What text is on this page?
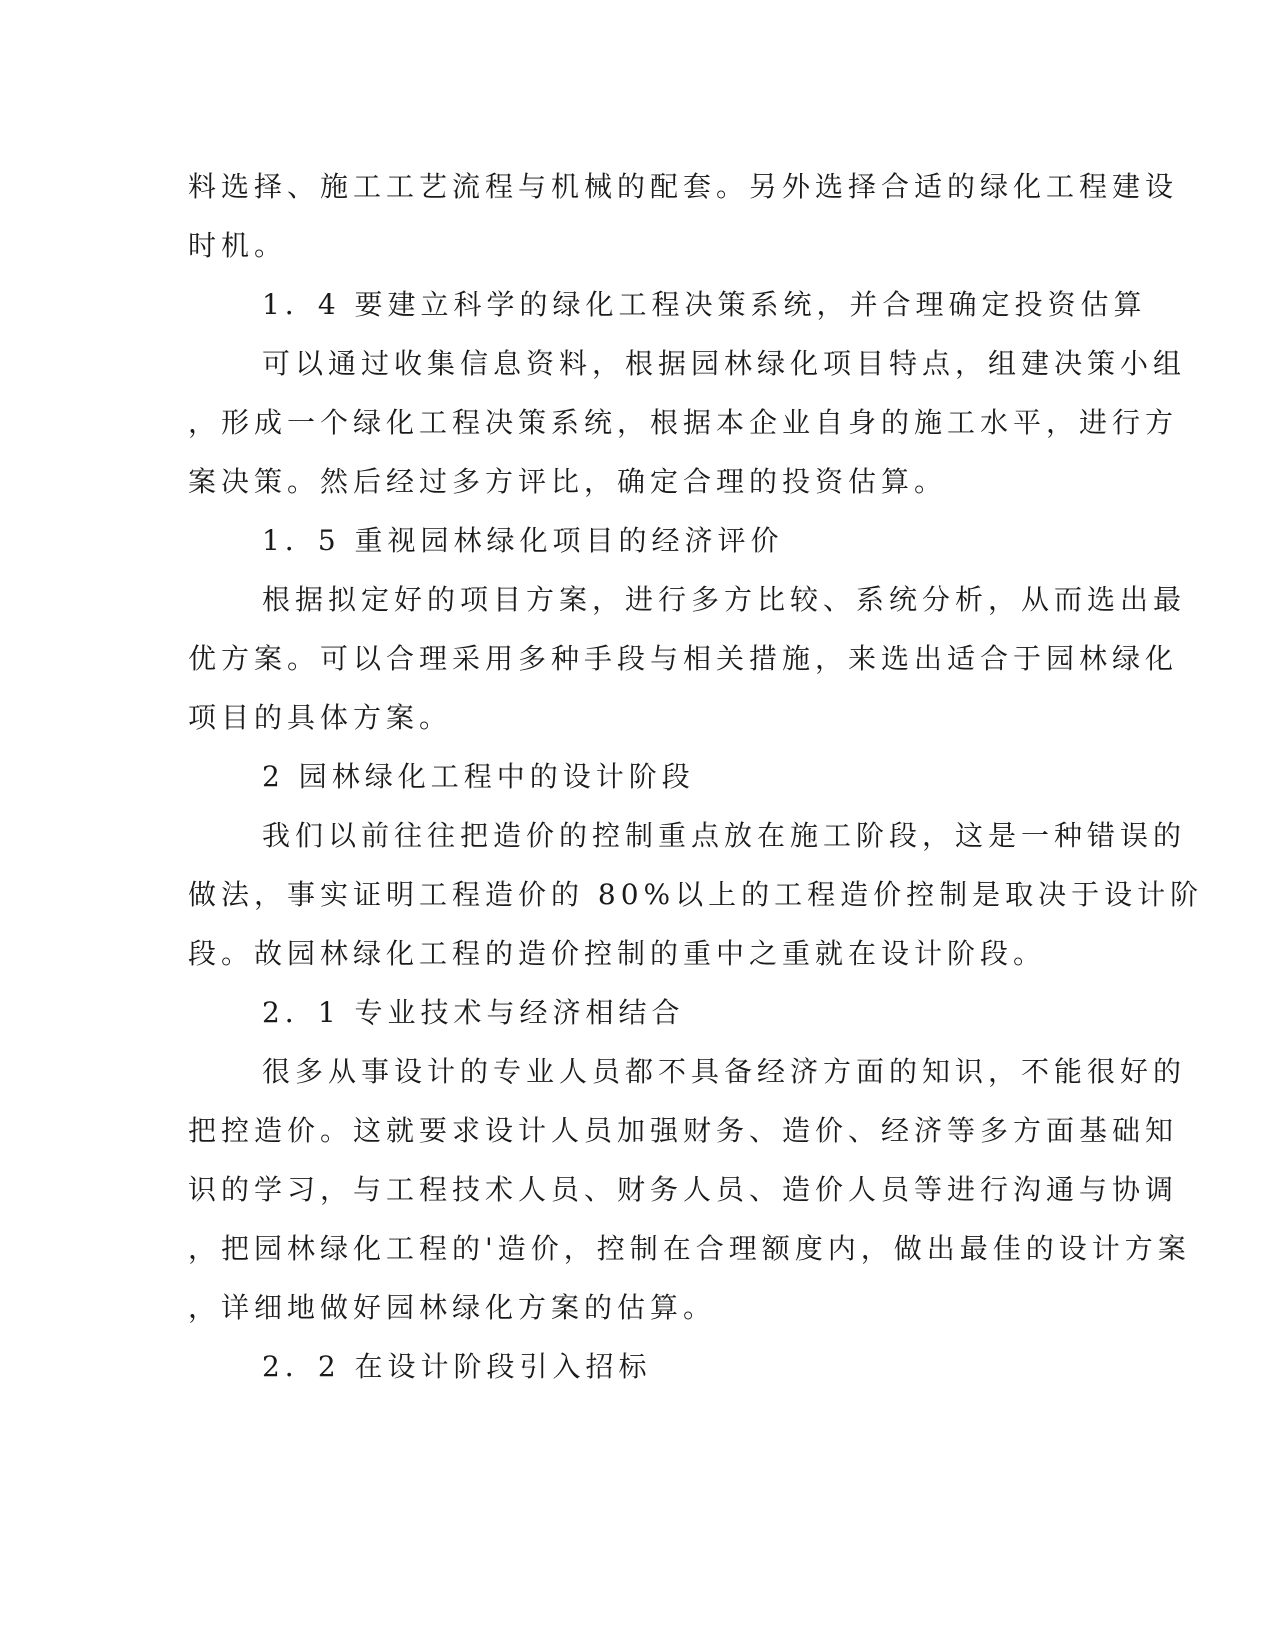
料选择、施工工艺流程与机械的配套。另外选择合适的绿化工程建设
时机。
1．4 要建立科学的绿化工程决策系统，并合理确定投资估算
可以通过收集信息资料，根据园林绿化项目特点，组建决策小组
，形成一个绿化工程决策系统，根据本企业自身的施工水平，进行方
案决策。然后经过多方评比，确定合理的投资估算。
1．5 重视园林绿化项目的经济评价
根据拟定好的项目方案，进行多方比较、系统分析，从而选出最
优方案。可以合理采用多种手段与相关措施，来选出适合于园林绿化
项目的具体方案。
2 园林绿化工程中的设计阶段
我们以前往往把造价的控制重点放在施工阶段，这是一种错误的
做法，事实证明工程造价的 80%以上的工程造价控制是取决于设计阶
段。故园林绿化工程的造价控制的重中之重就在设计阶段。
2．1 专业技术与经济相结合
很多从事设计的专业人员都不具备经济方面的知识，不能很好的
把控造价。这就要求设计人员加强财务、造价、经济等多方面基础知
识的学习，与工程技术人员、财务人员、造价人员等进行沟通与协调
，把园林绿化工程的'造价，控制在合理额度内，做出最佳的设计方案
，详细地做好园林绿化方案的估算。
2．2 在设计阶段引入招标
